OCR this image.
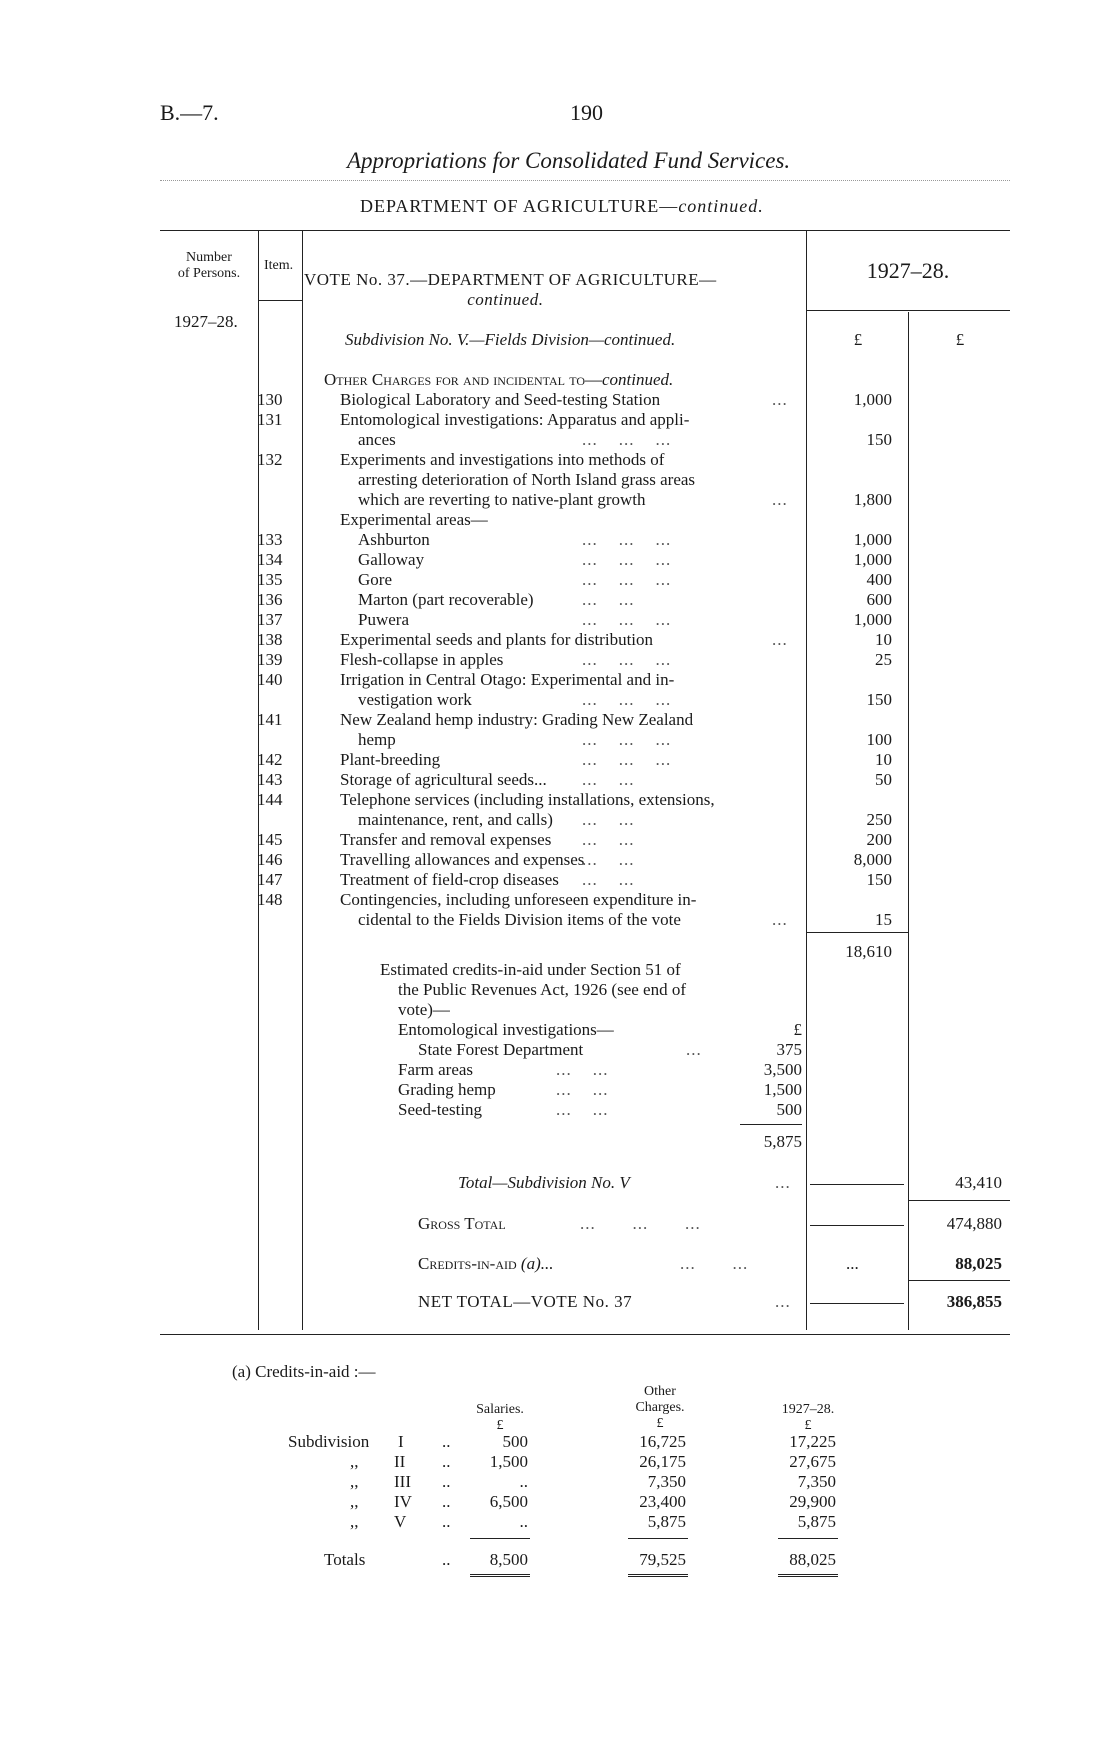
B.—7.	190
Appropriations for Consolidated Fund Services.
DEPARTMENT OF AGRICULTURE—continued.
Number
of Persons.
Item.
VOTE No. 37.—DEPARTMENT OF AGRICULTURE—
continued.
1927–28.
1927–28.
Subdivision No. V.—Fields Division—continued.	£	£
Other Charges for and incidental to—continued.
130	Biological Laboratory and Seed-testing Station	...	1,000
131	Entomological investigations: Apparatus and appli-
ances	...    ...    ...	150
132	Experiments and investigations into methods of
arresting deterioration of North Island grass areas
which are reverting to native-plant growth	...	1,800
Experimental areas—
133	Ashburton	...    ...    ...	1,000
134	Galloway	...    ...    ...	1,000
135	Gore	...    ...    ...	400
136	Marton (part recoverable)	...    ...	600
137	Puwera	...    ...    ...	1,000
138	Experimental seeds and plants for distribution	...	10
139	Flesh-collapse in apples	...    ...    ...	25
140	Irrigation in Central Otago: Experimental and in-
vestigation work	...    ...    ...	150
141	New Zealand hemp industry: Grading New Zealand
hemp	...    ...    ...	100
142	Plant-breeding	...    ...    ...	10
143	Storage of agricultural seeds... ...    ...	50
144	Telephone services (including installations, extensions,
maintenance, rent, and calls) ...    ...	250
145	Transfer and removal expenses ...    ...	200
146	Travelling allowances and expenses
...    ...	8,000
147	Treatment of field-crop diseases ...    ...	150
148	Contingencies, including unforeseen expenditure in-
cidental to the Fields Division items of the vote	...	15
18,610
Estimated credits-in-aid under Section 51 of
the Public Revenues Act, 1926 (see end of
vote)—
Entomological investigations—	£
State Forest Department	...	375
Farm areas	...    ...	3,500
Grading hemp	...    ...	1,500
Seed-testing	...    ...	500
5,875
Total—Subdivision No. V	...	43,410
Gross Total	...       ...       ...	474,880
Credits-in-aid (a)...	...       ...	...	88,025
NET TOTAL—VOTE No. 37	...	386,855
(a) Credits-in-aid :—
Salaries.
£
Other
Charges.
£
1927–28.
£
Subdivision I ..	500	16,725	17,225
,, II ..	1,500	26,175	27,675
,, III ..	..	7,350	7,350
,, IV ..	6,500	23,400	29,900
,, V ..	..	5,875	5,875
Totals	..	8,500	79,525	88,025
